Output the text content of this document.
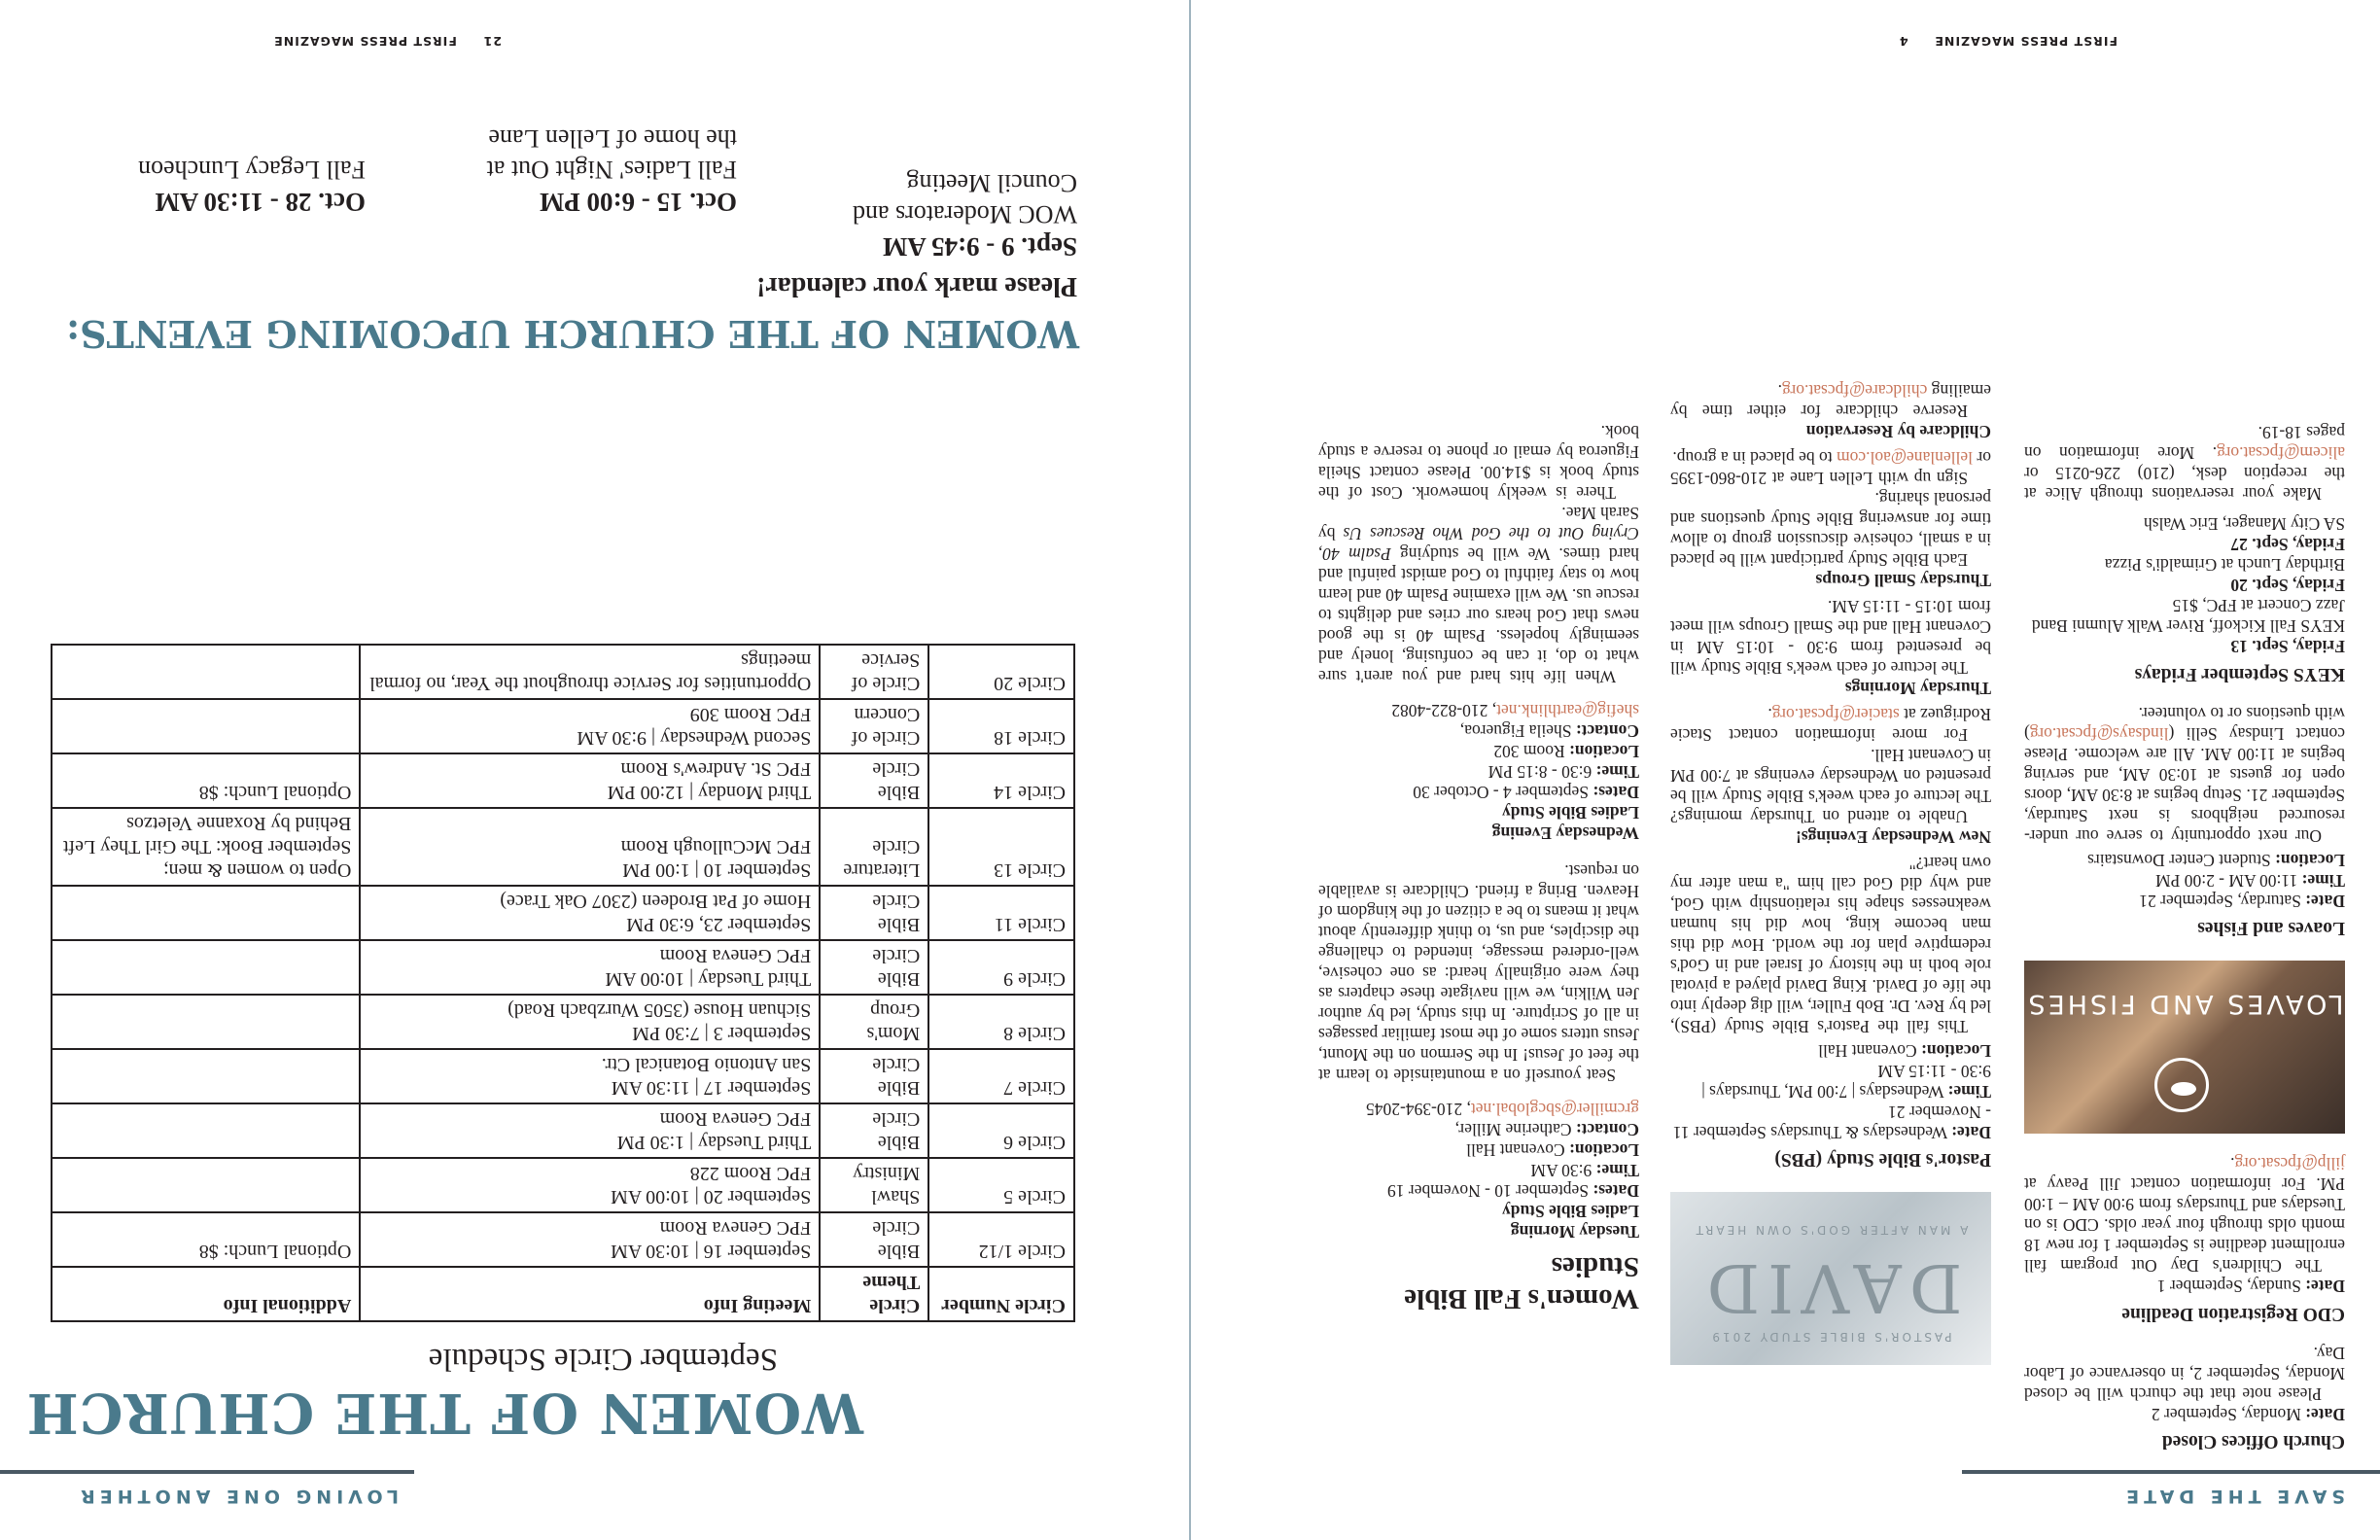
SAVE THE DATE
Church Offices Closed

Date: Monday, September 2

Please note that the church will be closed Monday, September 2, in observance of Labor Day.

CDO Registration Deadline

Date: Sunday, September 1

The Children's Day Out program fall enrollment deadline is September 1 for new 18 month olds through four year olds. CDO is on Tuesdays and Thursdays from 9:00 AM – 1:00 PM. For information contact Jill Peavy at jillp@fpcsat.org.

LOAVES AND FISHES
Loaves and Fishes

Date: Saturday, September 21

Time: 11:00 AM - 2:00 PM

Location: Student Center Downstairs

Our next opportunity to serve our under-resourced neighbors is next Saturday, September 21. Setup begins at 8:30 AM, doors open for guests at 10:30 AM, and serving begins at 11:00 AM. All are welcome. Please contact Lindsay Selli (lindsays@fpcsat.org) with questions or to volunteer.

KEYS September Fridays

Friday, Sept. 13

KEYS Fall Kickoff, River Walk Alumni Band Jazz Concert at FPC, $15

Friday, Sept. 20

Birthday Lunch at Grimaldi's Pizza

Friday, Sept. 27

SA City Manager, Eric Walsh

Make your reservations through Alice at the reception desk, (210) 226-0215 or alicem@fpcsat.org. More information on pages 18-19.

PASTOR'S BIBLE STUDY 2019
DAVID
A MAN AFTER GOD'S OWN HEART
Pastor's Bible Study (PBS)

Date: Wednesdays & Thursdays September 11 - November 21

Time: Wednesdays | 7:00 PM, Thursdays | 9:30 - 11:15 AM

Location: Covenant Hall

This fall the Pastor's Bible Study (PBS), led by Rev. Dr. Bob Fuller, will dig deeply into the life of David. King David played a pivotal role both in the history of Israel and in God's redemptive plan for the world. How did this man become king, how did his human weaknesses shape his relationship with God, and why did God call him "a man after my own heart?"

New Wednesday Evenings!

Unable to attend on Thursday mornings? The lecture of each week's Bible Study will be presented on Wednesday evenings at 7:00 PM in Covenant Hall.

For more information contact Stacie Rodriguez at stacier@fpcsat.org.

Thursday Mornings

The lecture of each week's Bible Study will be presented from 9:30 - 10:15 AM in Covenant Hall and the Small Groups will meet from 10:15 - 11:15 AM.

Thursday Small Groups

Each Bible Study participant will be placed in a small, cohesive discussion group to allow time for answering Bible Study questions and personal sharing.

Sign up with Lellen Lane at 210-860-1395 or lellenlane@aol.com to be placed in a group.

Childcare by Reservation

Reserve childcare for either time by emailing childcare@fpcsat.org.

Women's Fall Bible Studies

Tuesday Morning

Ladies Bible Study

Dates: September 10 - November 19

Time: 9:30 AM

Location: Covenant Hall

Contact: Catherine Miller, grcmiller@sbcglobal.net, 210-394-2045

Seat yourself on a mountainside to learn at the feet of Jesus! In the Sermon on the Mount, Jesus utters some of the most familiar passages in all of Scripture. In this study, led by author Jen Wilkin, we will navigate these chapters as they were originally heard: as one cohesive, well-ordered message, intended to challenge the disciples, and us, to think differently about what it means to be a citizen of the kingdom of Heaven. Bring a friend. Childcare is available on request.

Wednesday Evening

Ladies Bible Study

Dates: September 4 - October 30

Time: 6:30 - 8:15 PM

Location: Room 302

Contact: Sheila Figueroa, shefig@earthlink.net, 210-822-4082

When life hits hard and you aren't sure what to do, it can be confusing, lonely and seemingly hopeless. Psalm 40 is the good news that God hears our cries and delights to rescue us. We will examine Psalm 40 and learn how to stay faithful to God amidst painful and hard times. We will be studying Psalm 40, Crying Out to the God Who Rescues Us by Sarah Mae.

There is weekly homework. Cost of the study book is $14.00. Please contact Sheila Figueroa by email or phone to reserve a study book.

FIRST PRESS MAGAZINE     4
LOVING ONE ANOTHER
WOMEN OF THE CHURCH
September Circle Schedule
Circle Number	Circle Theme	Meeting Info	Additional Info
Circle 1/12	Bible Circle	September 16 | 10:30 AM
FPC Geneva Room	Optional Lunch: $8
Circle 5	Shawl Ministry	September 20 | 10:00 AM
FPC Room 228	
Circle 6	Bible Circle	Third Tuesday | 1:30 PM
FPC Geneva Room	
Circle 7	Bible Circle	September 17 | 11:30 AM
San Antonio Botanical Ctr.	
Circle 8	Mom's Group	September 3 | 7:30 PM
Sichuan House (3505 Wurzbach Road)	
Circle 9	Bible Circle	Third Tuesday | 10:00 AM
FPC Geneva Room	
Circle 11	Bible Circle	September 23, 6:30 PM
Home of Pat Brodeen (2307 Oak Trace)	
Circle 13	Literature Circle	September 10 | 1:00 PM
FPC McCullough Room	Open to women & men;
September Book: The Girl They Left Behind by Roxanne Veletzos
Circle 14	Bible Circle	Third Monday | 12:00 PM
FPC St. Andrew's Room	Optional Lunch: $8
Circle 18	Circle of Concern	Second Wednesday | 9:30 AM
FPC Room 309	
Circle 20	Circle of Service	Opportunities for Service throughout the Year, no formal meetings	
WOMEN OF THE CHURCH UPCOMING EVENTS:
Please mark your calendar!
Sept. 9 - 9:45 AM
WOC Moderators and Council Meeting
Oct. 15 - 6:00 PM
Fall Ladies' Night Out at the home of Lellen Lane
Oct. 28 - 11:30 AM
Fall Legacy Luncheon
21     FIRST PRESS MAGAZINE
